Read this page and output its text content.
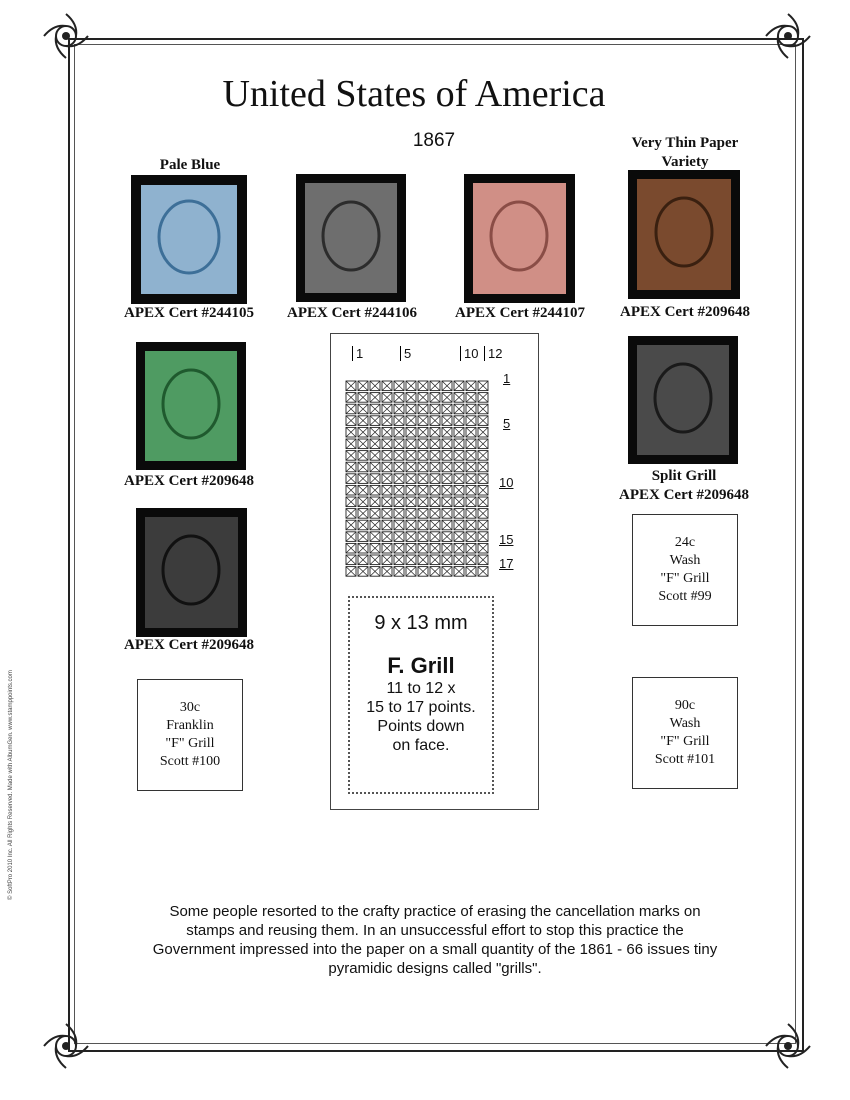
United States of America
1867
Pale Blue
Very Thin Paper Variety
APEX Cert #244105	APEX Cert #244106	APEX Cert #244107	APEX Cert #209648
APEX Cert #209648	Split Grill
APEX Cert #209648
APEX Cert #209648
24c
Wash
"F" Grill
Scott #99
30c
Franklin
"F" Grill
Scott #100
90c
Wash
"F" Grill
Scott #101
1	5	10 12
1
5
10
15
17
9 x 13 mm
F. Grill
11 to 12 x
15 to 17 points.
Points down
on face.
Some people resorted to the crafty practice of erasing the cancellation marks on stamps and reusing them. In an unsuccessful effort to stop this practice the Government impressed into the paper on a small quantity of the 1861 - 66 issues tiny pyramidic designs called "grills".
© SoftPro 2010 Inc. All Rights Reserved. Made with AlbumGen. www.stamppoints.com
